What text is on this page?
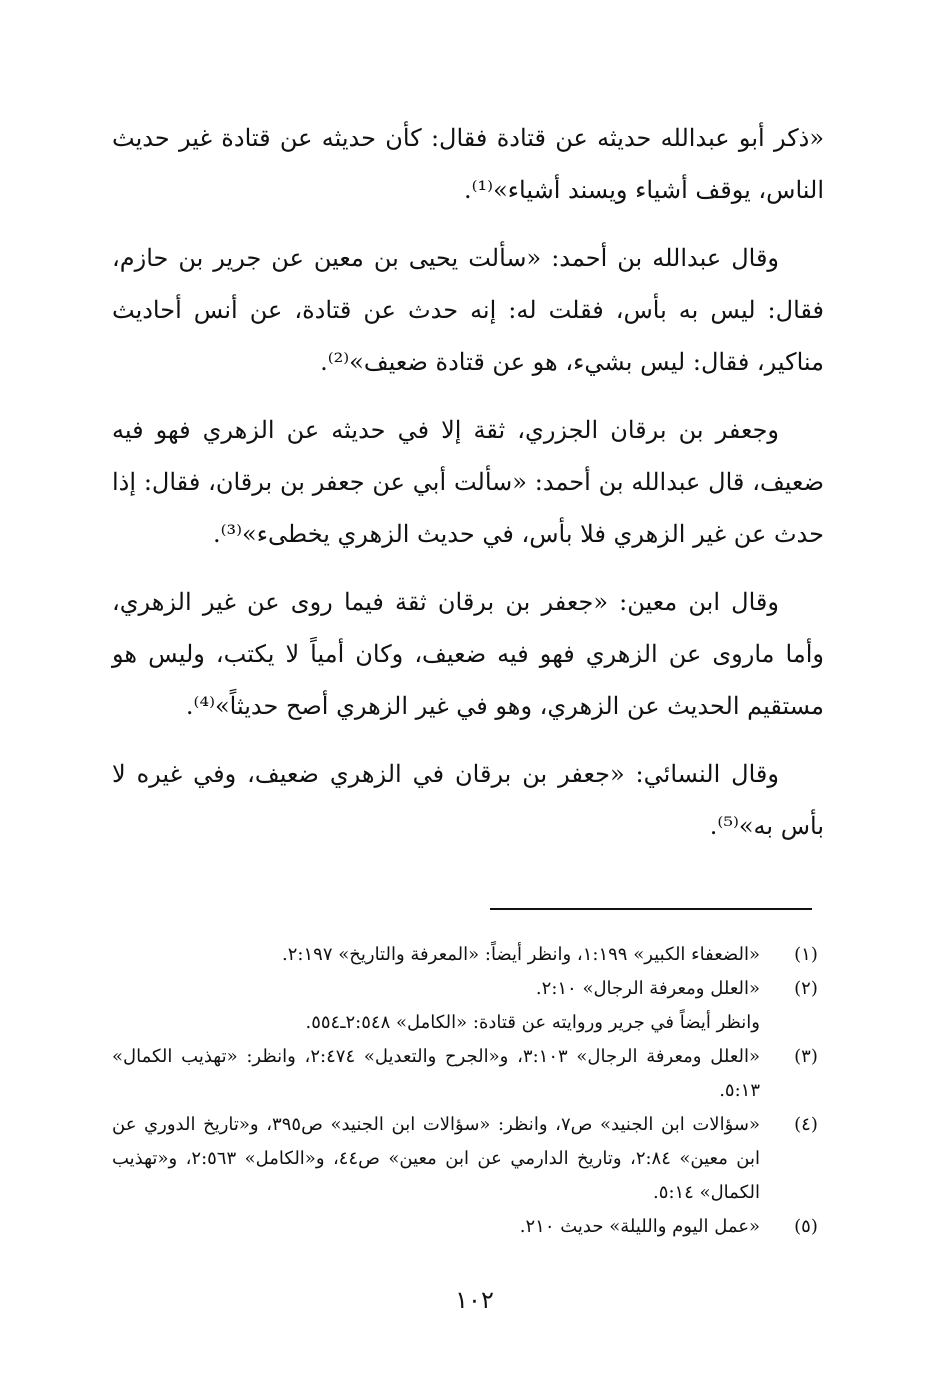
«ذكر أبو عبدالله حديثه عن قتادة فقال: كأن حديثه عن قتادة غير حديث الناس، يوقف أشياء ويسند أشياء»⁽¹⁾.

وقال عبدالله بن أحمد: «سألت يحيى بن معين عن جرير بن حازم، فقال: ليس به بأس، فقلت له: إنه حدث عن قتادة، عن أنس أحاديث مناكير، فقال: ليس بشيء، هو عن قتادة ضعيف»⁽²⁾.

وجعفر بن برقان الجزري، ثقة إلا في حديثه عن الزهري فهو فيه ضعيف، قال عبدالله بن أحمد: «سألت أبي عن جعفر بن برقان، فقال: إذا حدث عن غير الزهري فلا بأس، في حديث الزهري يخطىء»⁽³⁾.

وقال ابن معين: «جعفر بن برقان ثقة فيما روى عن غير الزهري، وأما ماروى عن الزهري فهو فيه ضعيف، وكان أمياً لا يكتب، وليس هو مستقيم الحديث عن الزهري، وهو في غير الزهري أصح حديثاً»⁽⁴⁾.

وقال النسائي: «جعفر بن برقان في الزهري ضعيف، وفي غيره لا بأس به»⁽⁵⁾.

(١)
«الضعفاء الكبير» ١:١٩٩، وانظر أيضاً: «المعرفة والتاريخ» ٢:١٩٧.
(٢)
«العلل ومعرفة الرجال» ٢:١٠.
وانظر أيضاً في جرير وروايته عن قتادة: «الكامل» ٢:٥٤٨ـ٥٥٤.
(٣)
«العلل ومعرفة الرجال» ٣:١٠٣، و«الجرح والتعديل» ٢:٤٧٤، وانظر: «تهذيب الكمال» ٥:١٣.
(٤)
«سؤالات ابن الجنيد» ص٧، وانظر: «سؤالات ابن الجنيد» ص٣٩٥، و«تاريخ الدوري عن ابن معين» ٢:٨٤، وتاريخ الدارمي عن ابن معين» ص٤٤، و«الكامل» ٢:٥٦٣، و«تهذيب الكمال» ٥:١٤.
(٥)
«عمل اليوم والليلة» حديث ٢١٠.
١٠٢
